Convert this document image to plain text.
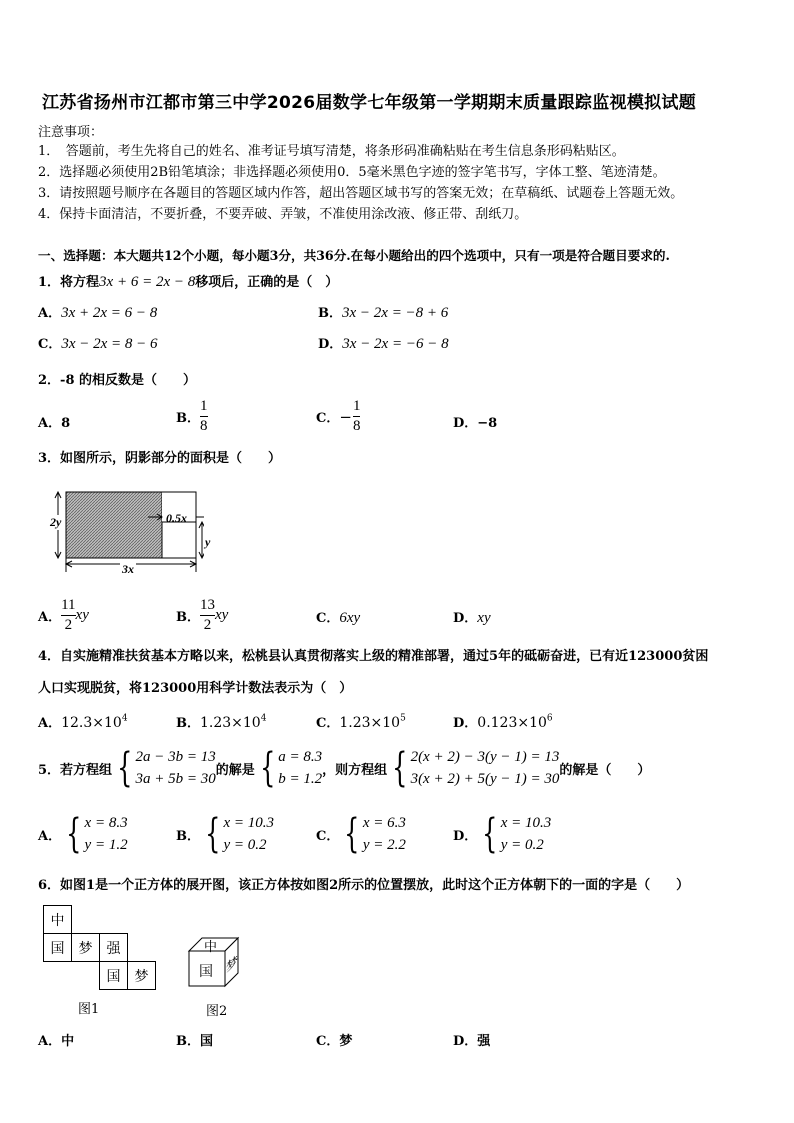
江苏省扬州市江都市第三中学2026届数学七年级第一学期期末质量跟踪监视模拟试题
注意事项：
1．　答题前，考生先将自己的姓名、准考证号填写清楚，将条形码准确粘贴在考生信息条形码粘贴区。
2．选择题必须使用2B铅笔填涂；非选择题必须使用0．5毫米黑色字迹的签字笔书写，字体工整、笔迹清楚。
3．请按照题号顺序在各题目的答题区域内作答，超出答题区域书写的答案无效；在草稿纸、试题卷上答题无效。
4．保持卡面清洁，不要折叠，不要弄破、弄皱，不准使用涂改液、修正带、刮纸刀。
一、选择题：本大题共12个小题，每小题3分，共36分.在每小题给出的四个选项中，只有一项是符合题目要求的.
1．将方程3x + 6 = 2x − 8移项后，正确的是（　）
A．3x + 2x = 6 − 8	B．3x − 2x = −8 + 6
C．3x − 2x = 8 − 6	D．3x − 2x = −6 − 8
2．-8 的相反数是（　　）
A．8	B． $\frac{1}{8}$	C． − $\frac{1}{8}$	D．−8
3．如图所示，阴影部分的面积是（　　）
2y	0.5x
y
3x
A． $\frac{11}{2}$ xy	B． $\frac{13}{2}$ xy	C．6xy	D．xy
4．自实施精准扶贫基本方略以来，松桃县认真贯彻落实上级的精准部署，通过5年的砥砺奋进，已有近123000贫困
人口实现脱贫，将123000用科学计数法表示为（　）
A．$12.3\times 10^4$	B．$1.23\times 10^4$	C．$1.23\times 10^5$	D．$0.123\times 10^6$
5．若方程组 { 2a − 3b = 13
3a + 5b = 30
的解是 { a = 8.3
b = 1.2
，则方程组 { 2(x + 2) − 3(y − 1) = 13
3(x + 2) + 5(y − 1) = 30
的解是（　　）
A． { x = 8.3
y = 1.2
B． { x = 10.3
y = 0.2
C． { x = 6.3
y = 2.2
D． { x = 10.3
y = 0.2
6．如图1是一个正方体的展开图，该正方体按如图2所示的位置摆放，此时这个正方体朝下的一面的字是（　　）
中
国	梦	强
国	梦
图1
中
国 梦
图2
A．中	B．国	C．梦	D．强
